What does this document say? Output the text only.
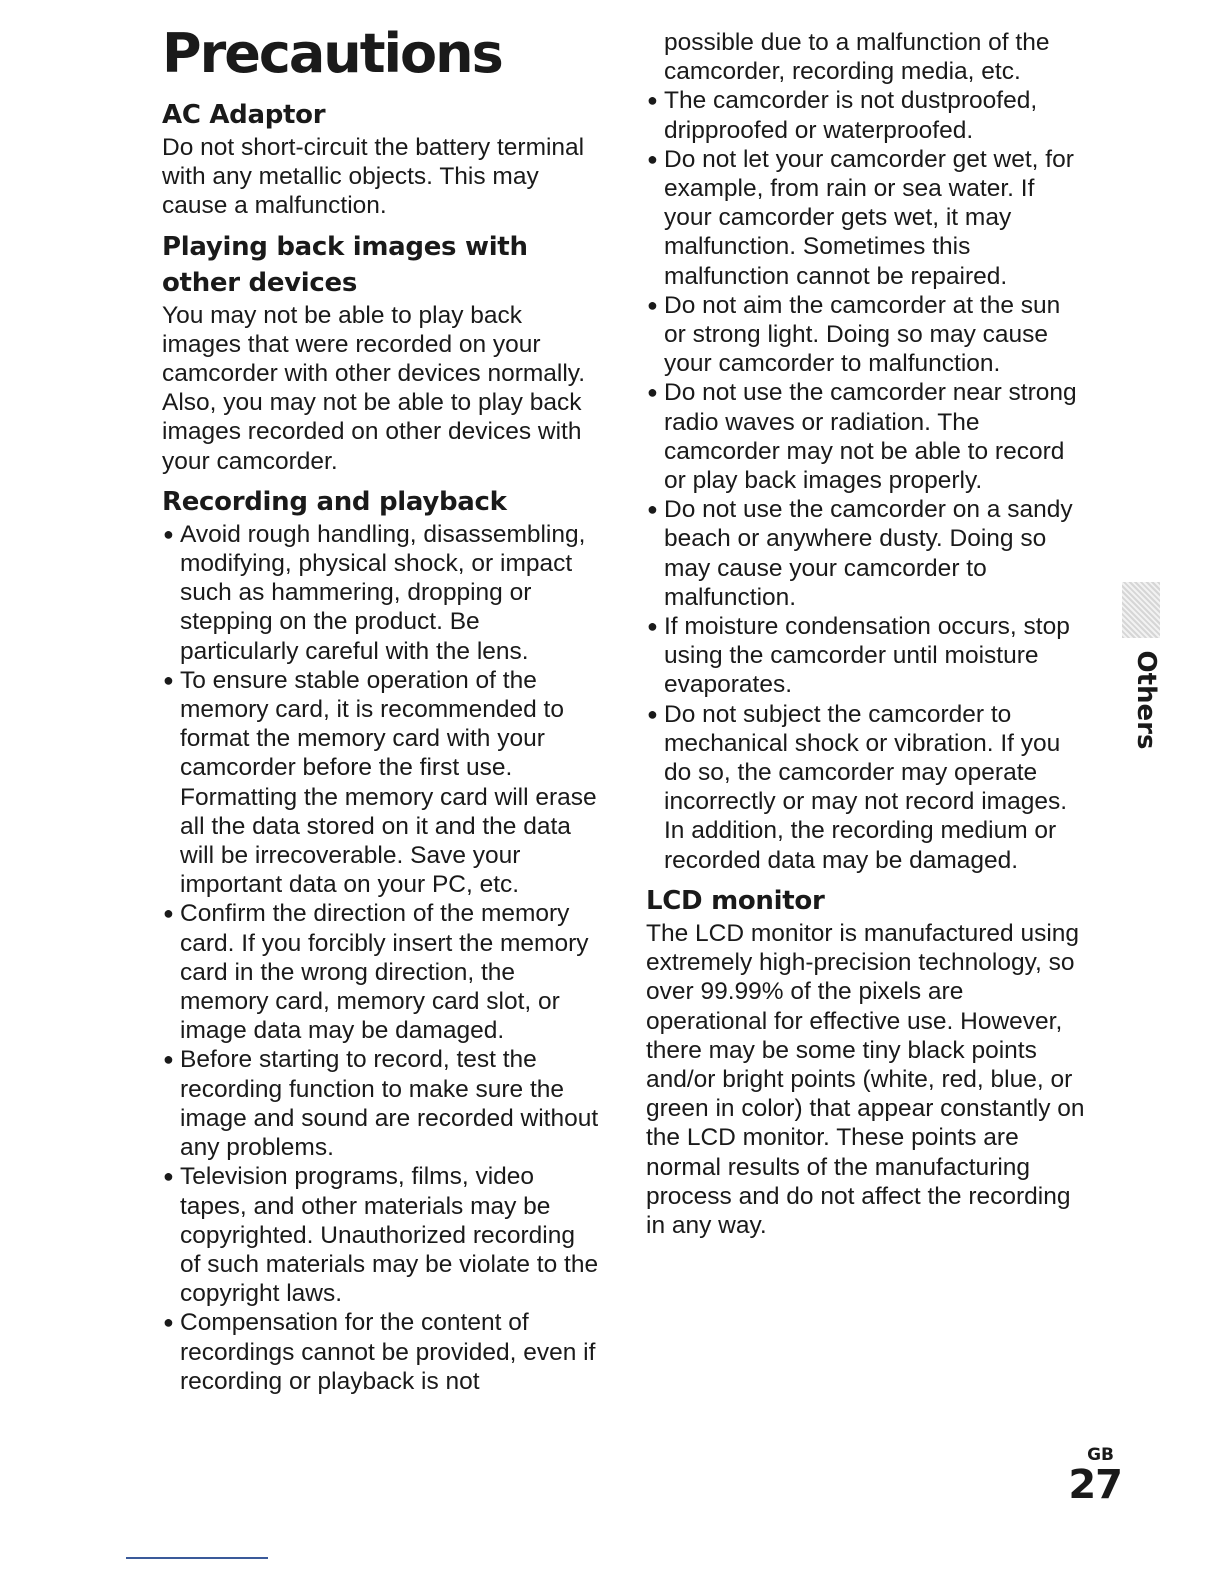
Precautions
AC Adaptor

Do not short-circuit the battery terminal with any metallic objects. This may cause a malfunction.

Playing back images with other devices

You may not be able to play back images that were recorded on your camcorder with other devices normally. Also, you may not be able to play back images recorded on other devices with your camcorder.

Recording and playback
● Avoid rough handling, disassembling, modifying, physical shock, or impact such as hammering, dropping or stepping on the product. Be particularly careful with the lens.
● To ensure stable operation of the memory card, it is recommended to format the memory card with your camcorder before the first use. Formatting the memory card will erase all the data stored on it and the data will be irrecoverable. Save your important data on your PC, etc.
● Confirm the direction of the memory card. If you forcibly insert the memory card in the wrong direction, the memory card, memory card slot, or image data may be damaged.
● Before starting to record, test the recording function to make sure the image and sound are recorded without any problems.
● Television programs, films, video tapes, and other materials may be copyrighted. Unauthorized recording of such materials may be violate to the copyright laws.
● Compensation for the content of recordings cannot be provided, even if recording or playback is not
possible due to a malfunction of the camcorder, recording media, etc.
● The camcorder is not dustproofed, dripproofed or waterproofed.
● Do not let your camcorder get wet, for example, from rain or sea water. If your camcorder gets wet, it may malfunction. Sometimes this malfunction cannot be repaired.
● Do not aim the camcorder at the sun or strong light. Doing so may cause your camcorder to malfunction.
● Do not use the camcorder near strong radio waves or radiation. The camcorder may not be able to record or play back images properly.
● Do not use the camcorder on a sandy beach or anywhere dusty. Doing so may cause your camcorder to malfunction.
● If moisture condensation occurs, stop using the camcorder until moisture evaporates.
● Do not subject the camcorder to mechanical shock or vibration. If you do so, the camcorder may operate incorrectly or may not record images. In addition, the recording medium or recorded data may be damaged.
LCD monitor

The LCD monitor is manufactured using extremely high-precision technology, so over 99.99% of the pixels are operational for effective use. However, there may be some tiny black points and/or bright points (white, red, blue, or green in color) that appear constantly on the LCD monitor. These points are normal results of the manufacturing process and do not affect the recording in any way.

Others
GB
27
